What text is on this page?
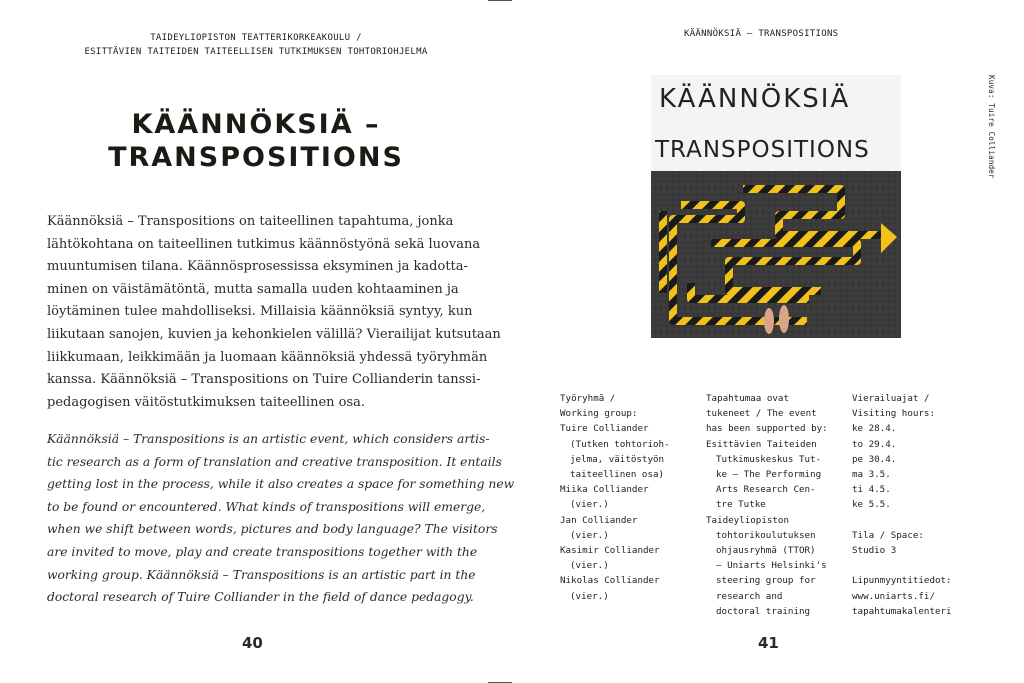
TAIDEYLIOPISTON TEATTERIKORKEAKOULU /
ESITTÄVIEN TAITEIDEN TAITEELLISEN TUTKIMUKSEN TOHTORIOHJELMA
KÄÄNNÖKSIÄ –
TRANSPOSITIONS
Käännöksiä – Transpositions on taiteellinen tapahtuma, jonka
lähtökohtana on taiteellinen tutkimus käännöstyönä sekä luovana
muuntumisen tilana. Käännösprosessissa eksyminen ja kadotta-
minen on väistämätöntä, mutta samalla uuden kohtaaminen ja
löytäminen tulee mahdolliseksi. Millaisia käännöksiä syntyy, kun
liikutaan sanojen, kuvien ja kehonkielen välillä? Vierailijat kutsutaan
liikkumaan, leikkimään ja luomaan käännöksiä yhdessä työryhmän
kanssa. Käännöksiä – Transpositions on Tuire Collianderin tanssi-
pedagogisen väitöstutkimuksen taiteellinen osa.
Käännöksiä – Transpositions is an artistic event, which considers artis-
tic research as a form of translation and creative transposition. It entails
getting lost in the process, while it also creates a space for something new
to be found or encountered. What kinds of transpositions will emerge,
when we shift between words, pictures and body language? The visitors
are invited to move, play and create transpositions together with the
working group. Käännöksiä – Transpositions is an artistic part in the
doctoral research of Tuire Colliander in the field of dance pedagogy.
40
KÄÄNNÖKSIÄ – TRANSPOSITIONS
Kuva: Tuire Colliander
KÄÄNNÖKSIÄ
TRANSPOSITIONS
Työryhmä /
Working group:
Tuire Colliander
(Tutken tohtorioh-
jelma, väitöstyön
taiteellinen osa)
Miika Colliander
(vier.)
Jan Colliander
(vier.)
Kasimir Colliander
(vier.)
Nikolas Colliander
(vier.)
Tapahtumaa ovat
tukeneet / The event
has been supported by:
Esittävien Taiteiden
Tutkimuskeskus Tut-
ke – The Performing
Arts Research Cen-
tre Tutke
Taideyliopiston
tohtorikoulutuksen
ohjausryhmä (TTOR)
– Uniarts Helsinki's
steering group for
research and
doctoral training
Vierailuajat /
Visiting hours:
ke 28.4.
to 29.4.
pe 30.4.
ma 3.5.
ti 4.5.
ke 5.5.
Tila / Space:
Studio 3
Lipunmyyntitiedot:
www.uniarts.fi/
tapahtumakalenteri
41
